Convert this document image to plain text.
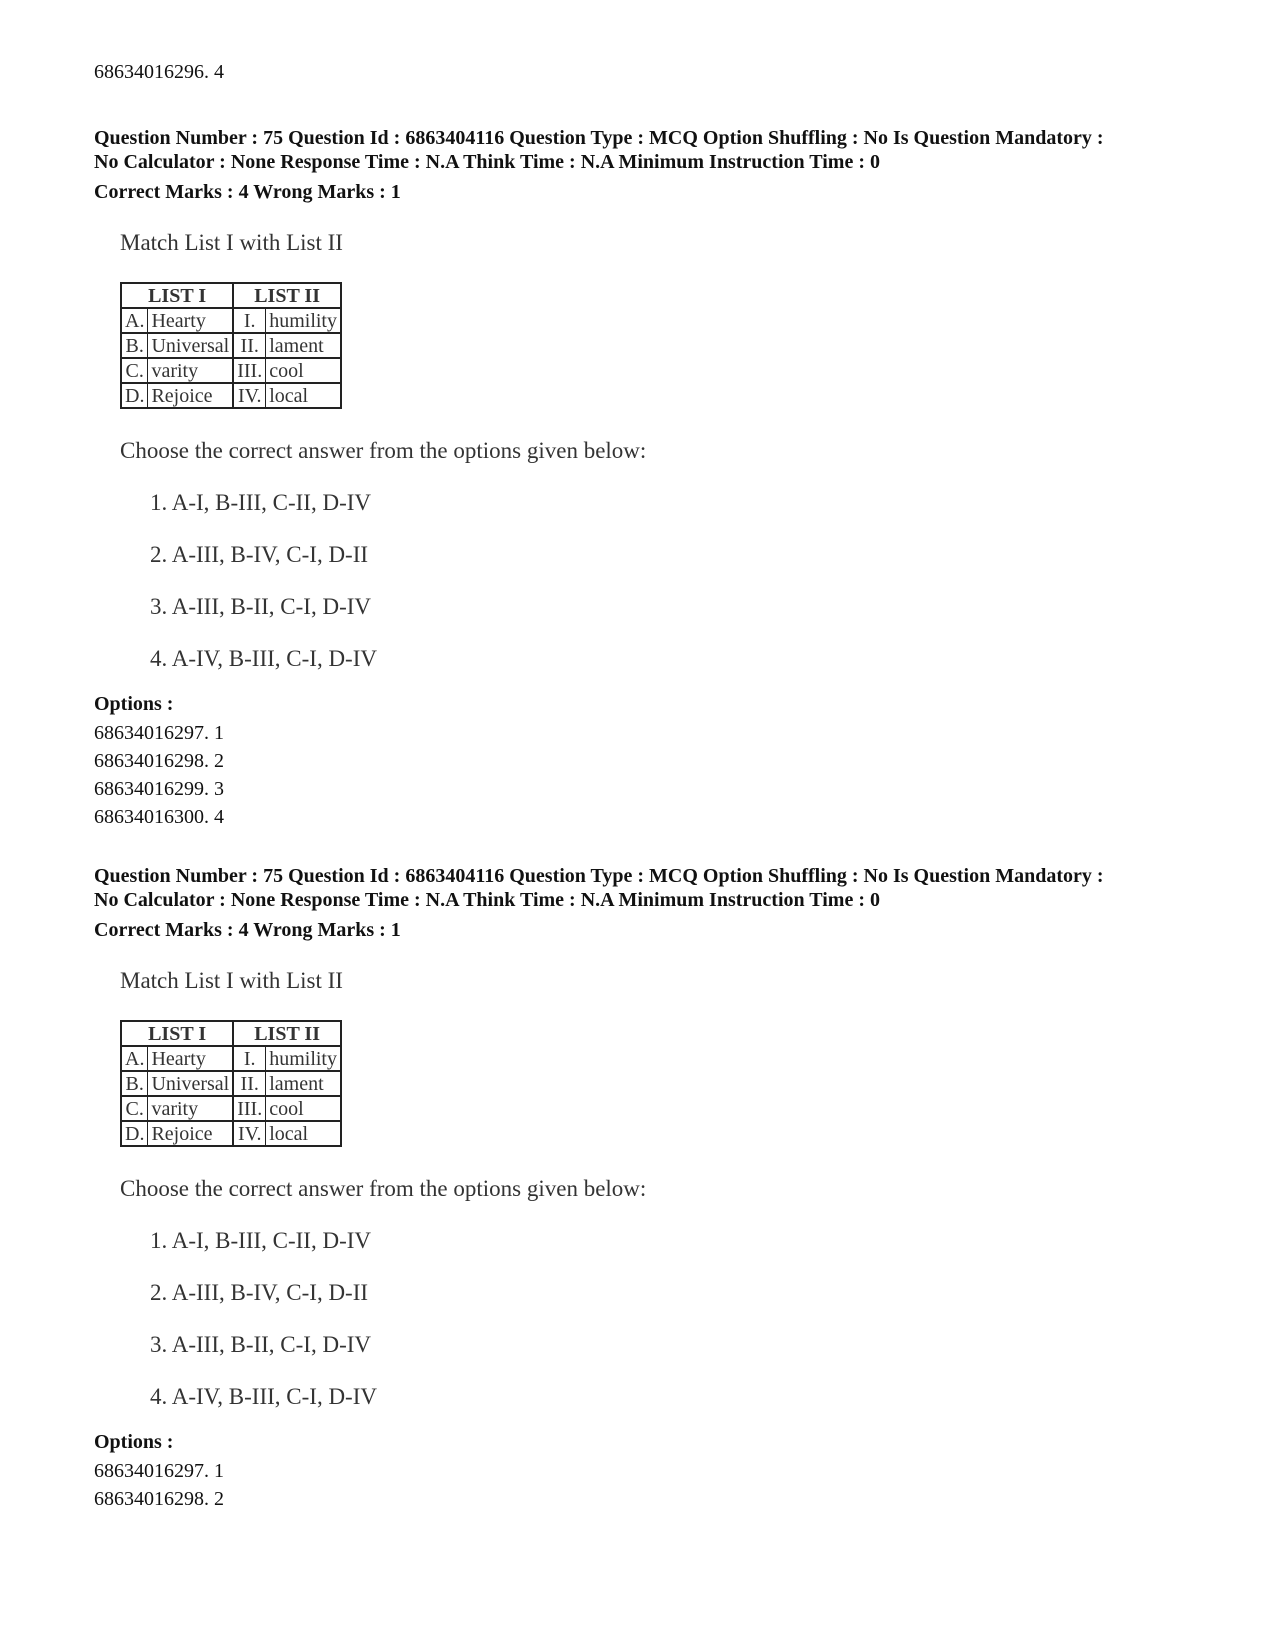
68634016296. 4

Question Number : 75 Question Id : 6863404116 Question Type : MCQ Option Shuffling : No Is Question Mandatory :

No Calculator : None Response Time : N.A Think Time : N.A Minimum Instruction Time : 0

Correct Marks : 4 Wrong Marks : 1
Match List I with List II
LIST I		LIST II	
A.	Hearty	I.	humility
B.	Universal	II.	lament
C.	varity	III.	cool
D.	Rejoice	IV.	local
Choose the correct answer from the options given below:
1. A-I, B-III, C-II, D-IV
2. A-III, B-IV, C-I, D-II
3. A-III, B-II, C-I, D-IV
4. A-IV, B-III, C-I, D-IV
Options :
68634016297. 1
68634016298. 2
68634016299. 3
68634016300. 4

Question Number : 75 Question Id : 6863404116 Question Type : MCQ Option Shuffling : No Is Question Mandatory :

No Calculator : None Response Time : N.A Think Time : N.A Minimum Instruction Time : 0

Correct Marks : 4 Wrong Marks : 1
Match List I with List II
LIST I		LIST II	
A.	Hearty	I.	humility
B.	Universal	II.	lament
C.	varity	III.	cool
D.	Rejoice	IV.	local
Choose the correct answer from the options given below:
1. A-I, B-III, C-II, D-IV
2. A-III, B-IV, C-I, D-II
3. A-III, B-II, C-I, D-IV
4. A-IV, B-III, C-I, D-IV
Options :
68634016297. 1
68634016298. 2
